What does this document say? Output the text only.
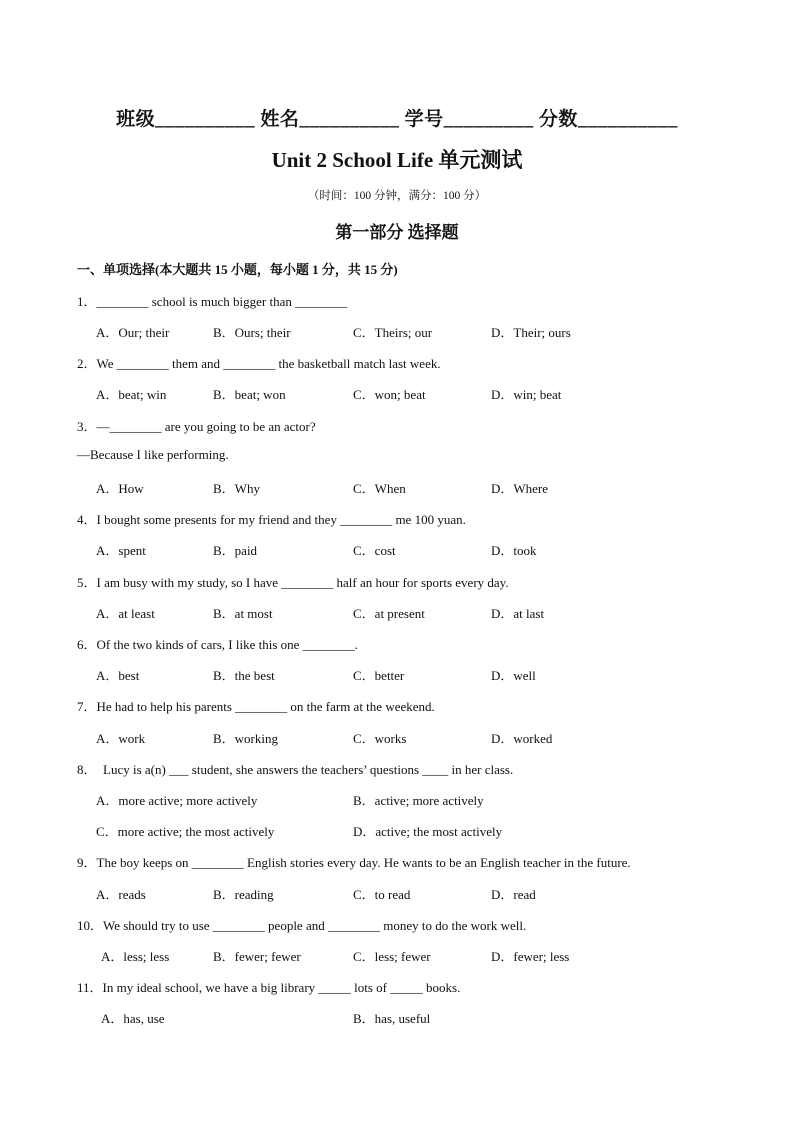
班级__________ 姓名__________ 学号_________ 分数__________
Unit 2 School Life 单元测试
（时间：100 分钟，满分：100 分）
第一部分 选择题
一、单项选择(本大题共 15 小题，每小题 1 分，共 15 分)
1．________ school is much bigger than ________
A．Our; their	B．Ours; their	C．Theirs; our	D．Their; ours
2．We ________ them and ________ the basketball match last week.
A．beat; win	B．beat; won	C．won; beat	D．win; beat
3．—________ are you going to be an actor?
—Because I like performing.
A．How	B．Why	C．When	D．Where
4．I bought some presents for my friend and they ________ me 100 yuan.
A．spent	B．paid	C．cost	D．took
5．I am busy with my study, so I have ________ half an hour for sports every day.
A．at least	B．at most	C．at present	D．at last
6．Of the two kinds of cars, I like this one ________.
A．best	B．the best	C．better	D．well
7．He had to help his parents ________ on the farm at the weekend.
A．work	B．working	C．works	D．worked
8．  Lucy is a(n) ___ student, she answers the teachers’ questions ____ in her class.
A．more active; more actively	B．active; more actively
C．more active; the most actively	D．active; the most actively
9．The boy keeps on ________ English stories every day. He wants to be an English teacher in the future.
A．reads	B．reading	C．to read	D．read
10．We should try to use ________ people and ________ money to do the work well.
A．less; less	B．fewer; fewer	C．less; fewer	D．fewer; less
11．In my ideal school, we have a big library _____ lots of _____ books.
A．has, use	B．has, useful
